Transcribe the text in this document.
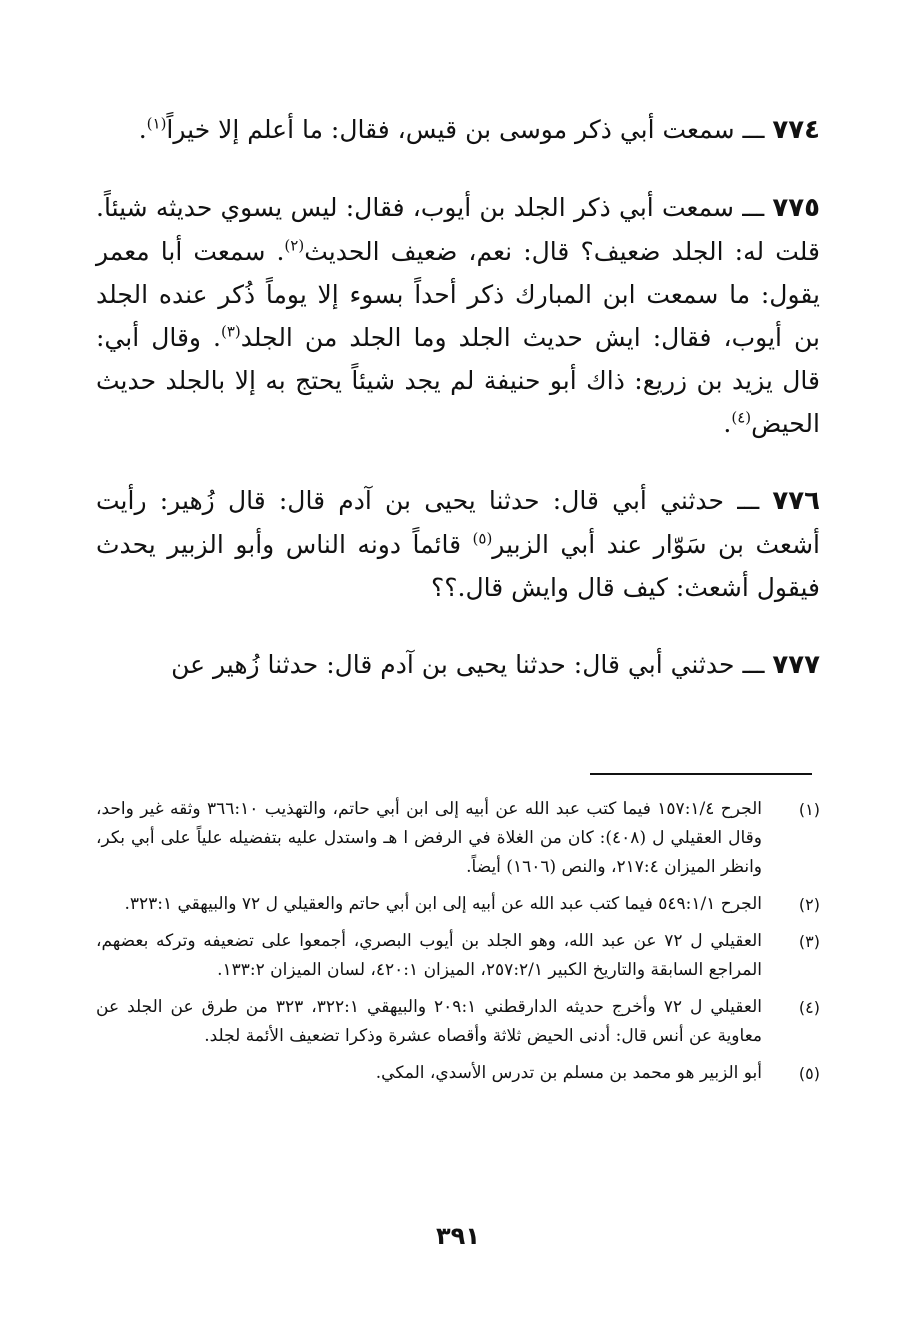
٧٧٤ ـــ سمعت أبي ذكر موسى بن قيس، فقال: ما أعلم إلا خيراً$^{(١)}$.

٧٧٥ ـــ سمعت أبي ذكر الجلد بن أيوب، فقال: ليس يسوي حديثه شيئاً. قلت له: الجلد ضعيف؟ قال: نعم، ضعيف الحديث$^{(٢)}$. سمعت أبا معمر يقول: ما سمعت ابن المبارك ذكر أحداً بسوء إلا يوماً ذُكر عنده الجلد بن أيوب، فقال: ايش حديث الجلد وما الجلد من الجلد$^{(٣)}$. وقال أبي: قال يزيد بن زريع: ذاك أبو حنيفة لم يجد شيئاً يحتج به إلا بالجلد حديث الحيض$^{(٤)}$.

٧٧٦ ـــ حدثني أبي قال: حدثنا يحيى بن آدم قال: قال زُهير: رأيت أشعث بن سَوّار عند أبي الزبير$^{(٥)}$ قائماً دونه الناس وأبو الزبير يحدث فيقول أشعث: كيف قال وايش قال.؟؟

٧٧٧ ـــ حدثني أبي قال: حدثنا يحيى بن آدم قال: حدثنا زُهير عن

(١)
الجرح ١٥٧:١/٤ فيما كتب عبد الله عن أبيه إلى ابن أبي حاتم، والتهذيب ٣٦٦:١٠ وثقه غير واحد، وقال العقيلي ل (٤٠٨): كان من الغلاة في الرفض ا هـ واستدل عليه بتفضيله علياً على أبي بكر، وانظر الميزان ٢١٧:٤، والنص (١٦٠٦) أيضاً.
(٢)
الجرح ٥٤٩:١/١ فيما كتب عبد الله عن أبيه إلى ابن أبي حاتم والعقيلي ل ٧٢ والبيهقي ٣٢٣:١.
(٣)
العقيلي ل ٧٢ عن عبد الله، وهو الجلد بن أيوب البصري، أجمعوا على تضعيفه وتركه بعضهم، المراجع السابقة والتاريخ الكبير ٢٥٧:٢/١، الميزان ٤٢٠:١، لسان الميزان ١٣٣:٢.
(٤)
العقيلي ل ٧٢ وأخرج حديثه الدارقطني ٢٠٩:١ والبيهقي ٣٢٢:١، ٣٢٣ من طرق عن الجلد عن معاوية عن أنس قال: أدنى الحيض ثلاثة وأقصاه عشرة وذكرا تضعيف الأئمة لجلد.
(٥)
أبو الزبير هو محمد بن مسلم بن تدرس الأسدي، المكي.
٣٩١
